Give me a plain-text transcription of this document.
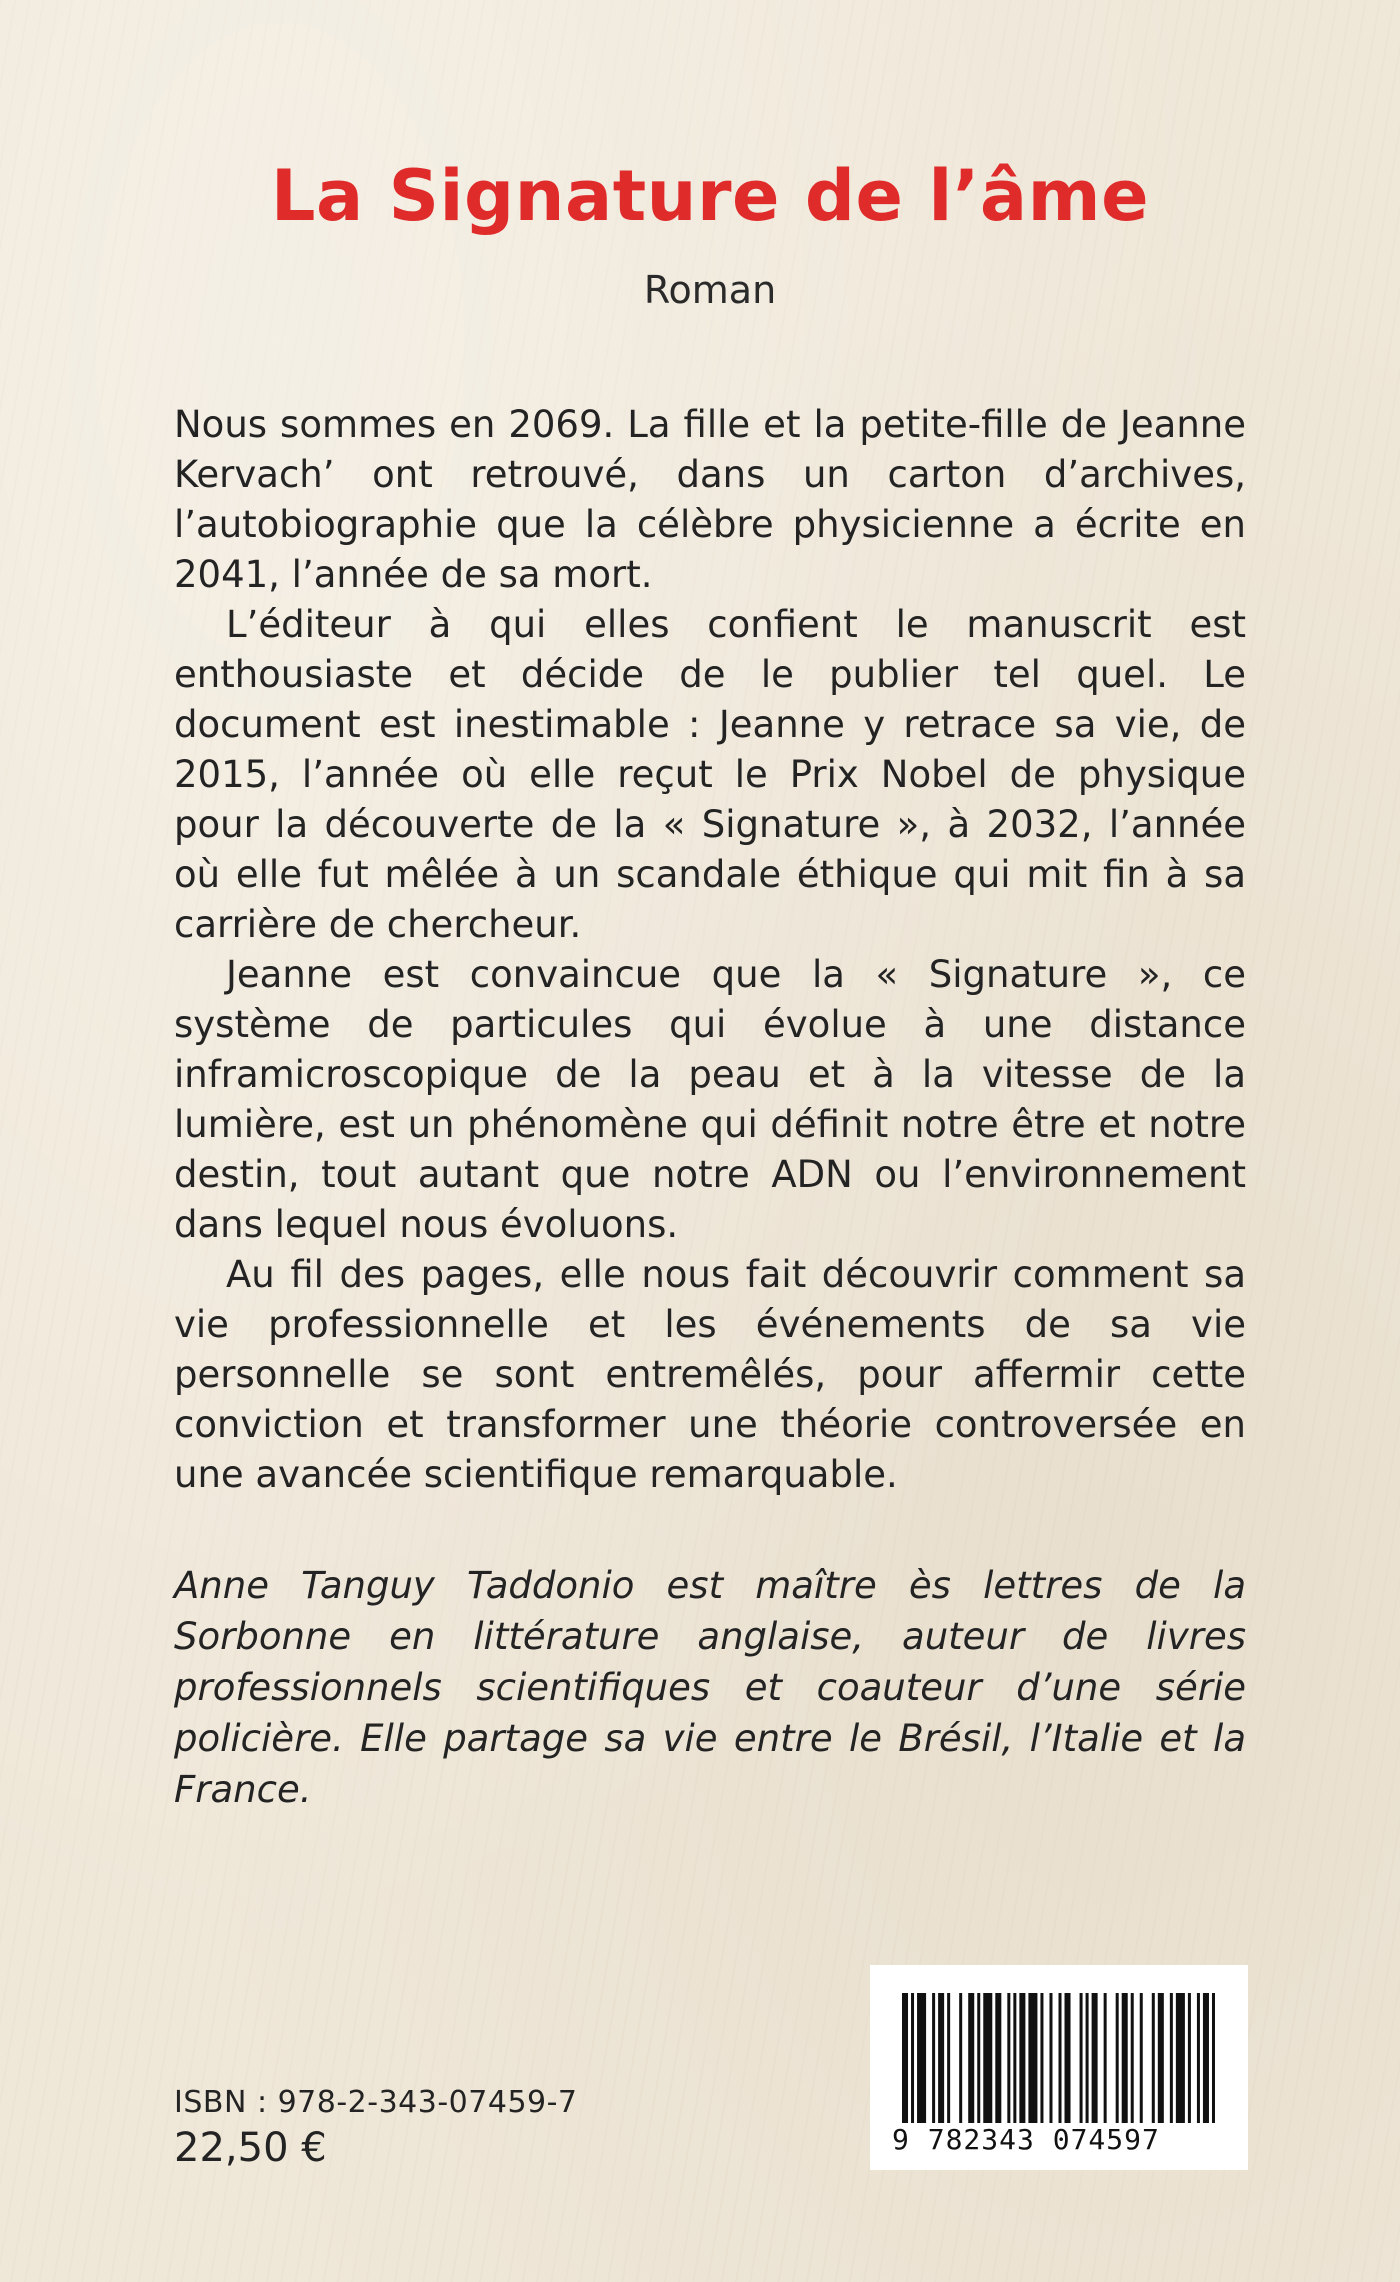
​
La Signature de l’âme
Roman

Nous sommes en 2069. La fille et la petite-fille de Jeanne Kervach’ ont retrouvé, dans un carton d’archives, l’autobiographie que la célèbre physicienne a écrite en 2041, l’année de sa mort.

L’éditeur à qui elles confient le manuscrit est enthousiaste et décide de le publier tel quel. Le document est inestimable : Jeanne y retrace sa vie, de 2015, l’année où elle reçut le Prix Nobel de physique pour la découverte de la « Signature », à 2032, l’année où elle fut mêlée à un scandale éthique qui mit fin à sa carrière de chercheur.

Jeanne est convaincue que la « Signature », ce système de particules qui évolue à une distance inframicroscopique de la peau et à la vitesse de la lumière, est un phénomène qui définit notre être et notre destin, tout autant que notre ADN ou l’environnement dans lequel nous évoluons.

Au fil des pages, elle nous fait découvrir comment sa vie professionnelle et les événements de sa vie personnelle se sont entremêlés, pour affermir cette conviction et transformer une théorie controversée en une avancée scientifique remarquable.

Anne Tanguy Taddonio est maître ès lettres de la Sorbonne en littérature anglaise, auteur de livres professionnels scientifiques et coauteur d’une série policière. Elle partage sa vie entre le Brésil, l’Italie et la France.

ISBN : 978-2-343-07459-7
22,50 €	9 782343 074597
